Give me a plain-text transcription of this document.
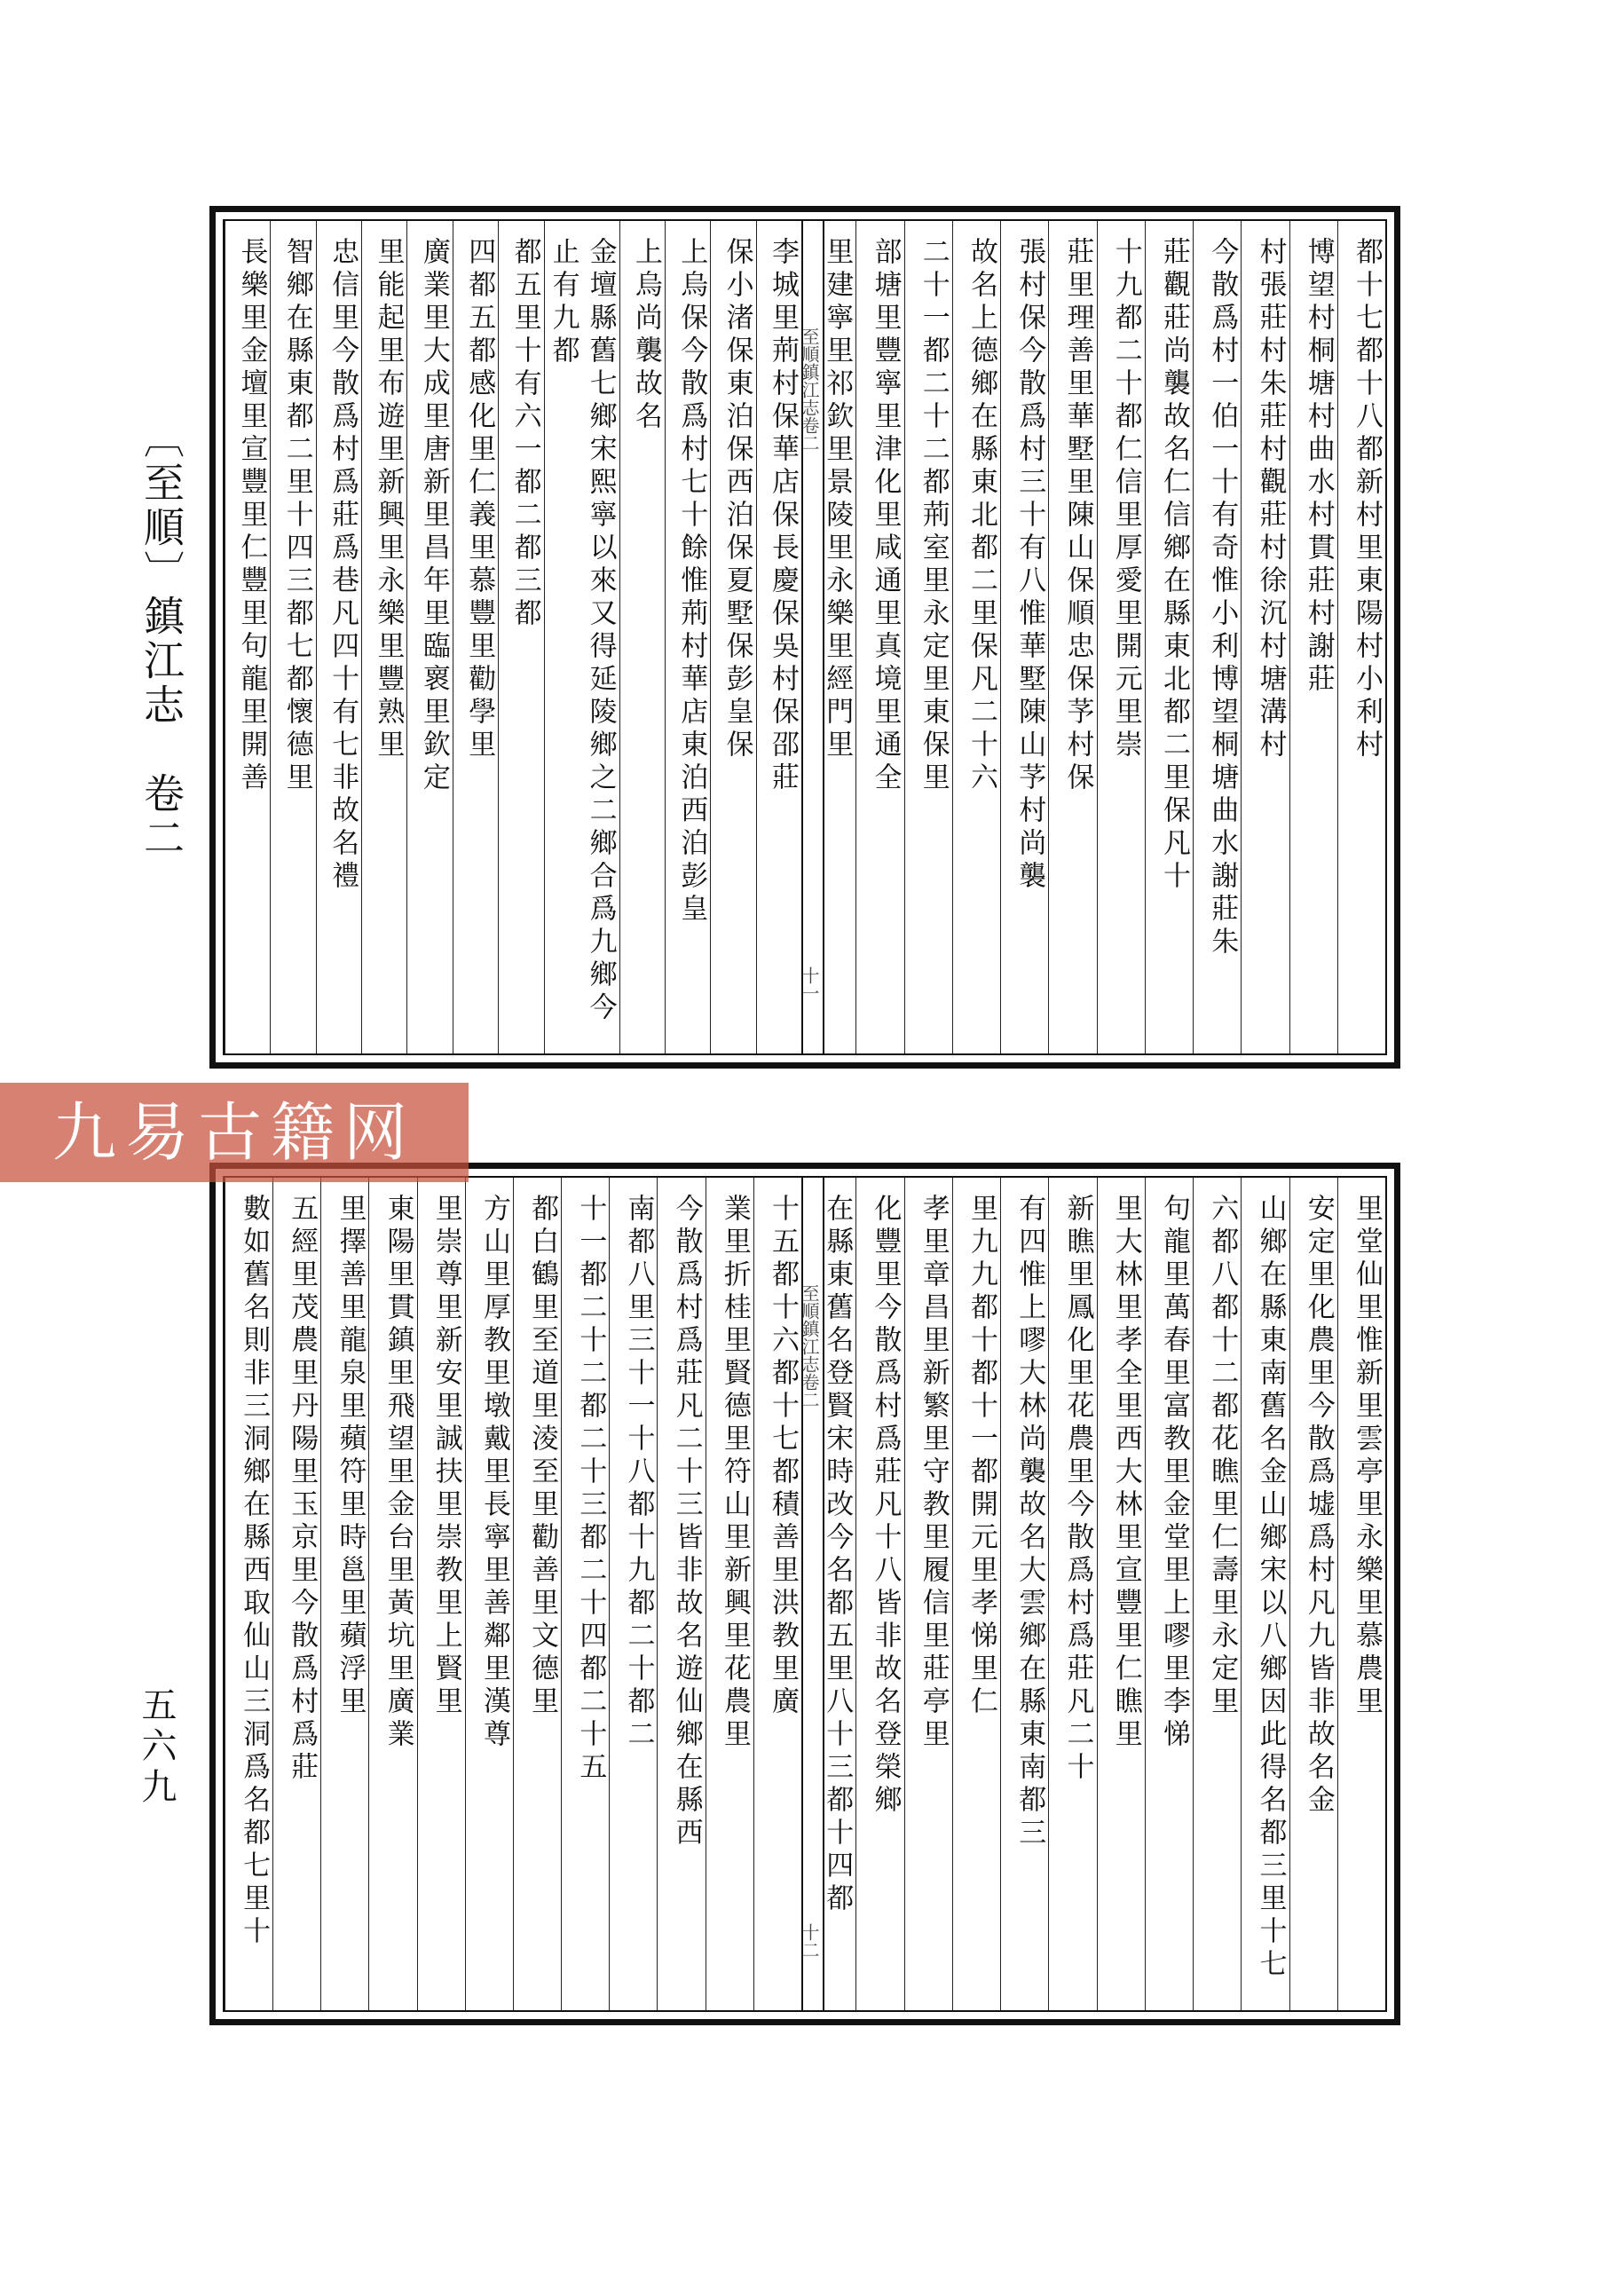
〔至順〕鎮江志　卷二
五六九
都十七都十八都新村里東陽村小利村
博望村桐塘村曲水村貫莊村謝莊
村張莊村朱莊村觀莊村徐沉村塘溝村
今散爲村一伯一十有奇惟小利博望桐塘曲水謝莊朱
莊觀莊尚襲故名仁信鄉在縣東北都二里保凡十
十九都二十都仁信里厚愛里開元里崇
莊里理善里華墅里陳山保順忠保芧村保
張村保今散爲村三十有八惟華墅陳山芧村尚襲
故名上德鄉在縣東北都二里保凡二十六
二十一都二十二都荊室里永定里東保里
部塘里豐寧里津化里咸通里真境里通全
里建寧里祁欽里景陵里永樂里經門里
至順鎮江志卷二十一
李城里荊村保華店保長慶保吳村保邵莊
保小渚保東泊保西泊保夏墅保彭皇保
上烏保今散爲村七十餘惟荊村華店東泊西泊彭皇
上烏尚襲故名
金壇縣舊七鄉宋熙寧以來又得延陵鄉之二鄉合爲九鄉今止有九都
都五里十有六一都二都三都
四都五都感化里仁義里慕豐里勸學里
廣業里大成里唐新里昌年里臨褱里欽定
里能起里布遊里新興里永樂里豐熟里
忠信里今散爲村爲莊爲巷凡四十有七非故名禮
智鄉在縣東都二里十四三都七都懷德里
長樂里金壇里宣豐里仁豐里句龍里開善
里堂仙里惟新里雲亭里永樂里慕農里
安定里化農里今散爲墟爲村凡九皆非故名金
山鄉在縣東南舊名金山鄉宋以八鄉因此得名都三里十七
六都八都十二都花瞧里仁壽里永定里
句龍里萬春里富教里金堂里上嘐里李悌
里大林里孝全里西大林里宣豐里仁瞧里
新瞧里鳳化里花農里今散爲村爲莊凡二十
有四惟上嘐大林尚襲故名大雲鄉在縣東南都三
里九九都十都十一都開元里孝悌里仁
孝里章昌里新繁里守教里履信里莊亭里
化豐里今散爲村爲莊凡十八皆非故名登榮鄉
在縣東舊名登賢宋時改今名都五里八十三都十四都
至順鎮江志卷二十二
十五都十六都十七都積善里洪教里廣
業里折桂里賢德里符山里新興里花農里
今散爲村爲莊凡二十三皆非故名遊仙鄉在縣西
南都八里三十一十八都十九都二十都二
十一都二十二都二十三都二十四都二十五
都白鶴里至道里淩至里勸善里文德里
方山里厚教里墩戴里長寧里善鄰里漢尊
里崇尊里新安里誠扶里崇教里上賢里
東陽里貫鎮里飛望里金台里黃坑里廣業
里擇善里龍泉里蘋符里時邕里蘋浮里
五經里茂農里丹陽里玉京里今散爲村爲莊
數如舊名則非三洞鄉在縣西取仙山三洞爲名都七里十
九易古籍网
